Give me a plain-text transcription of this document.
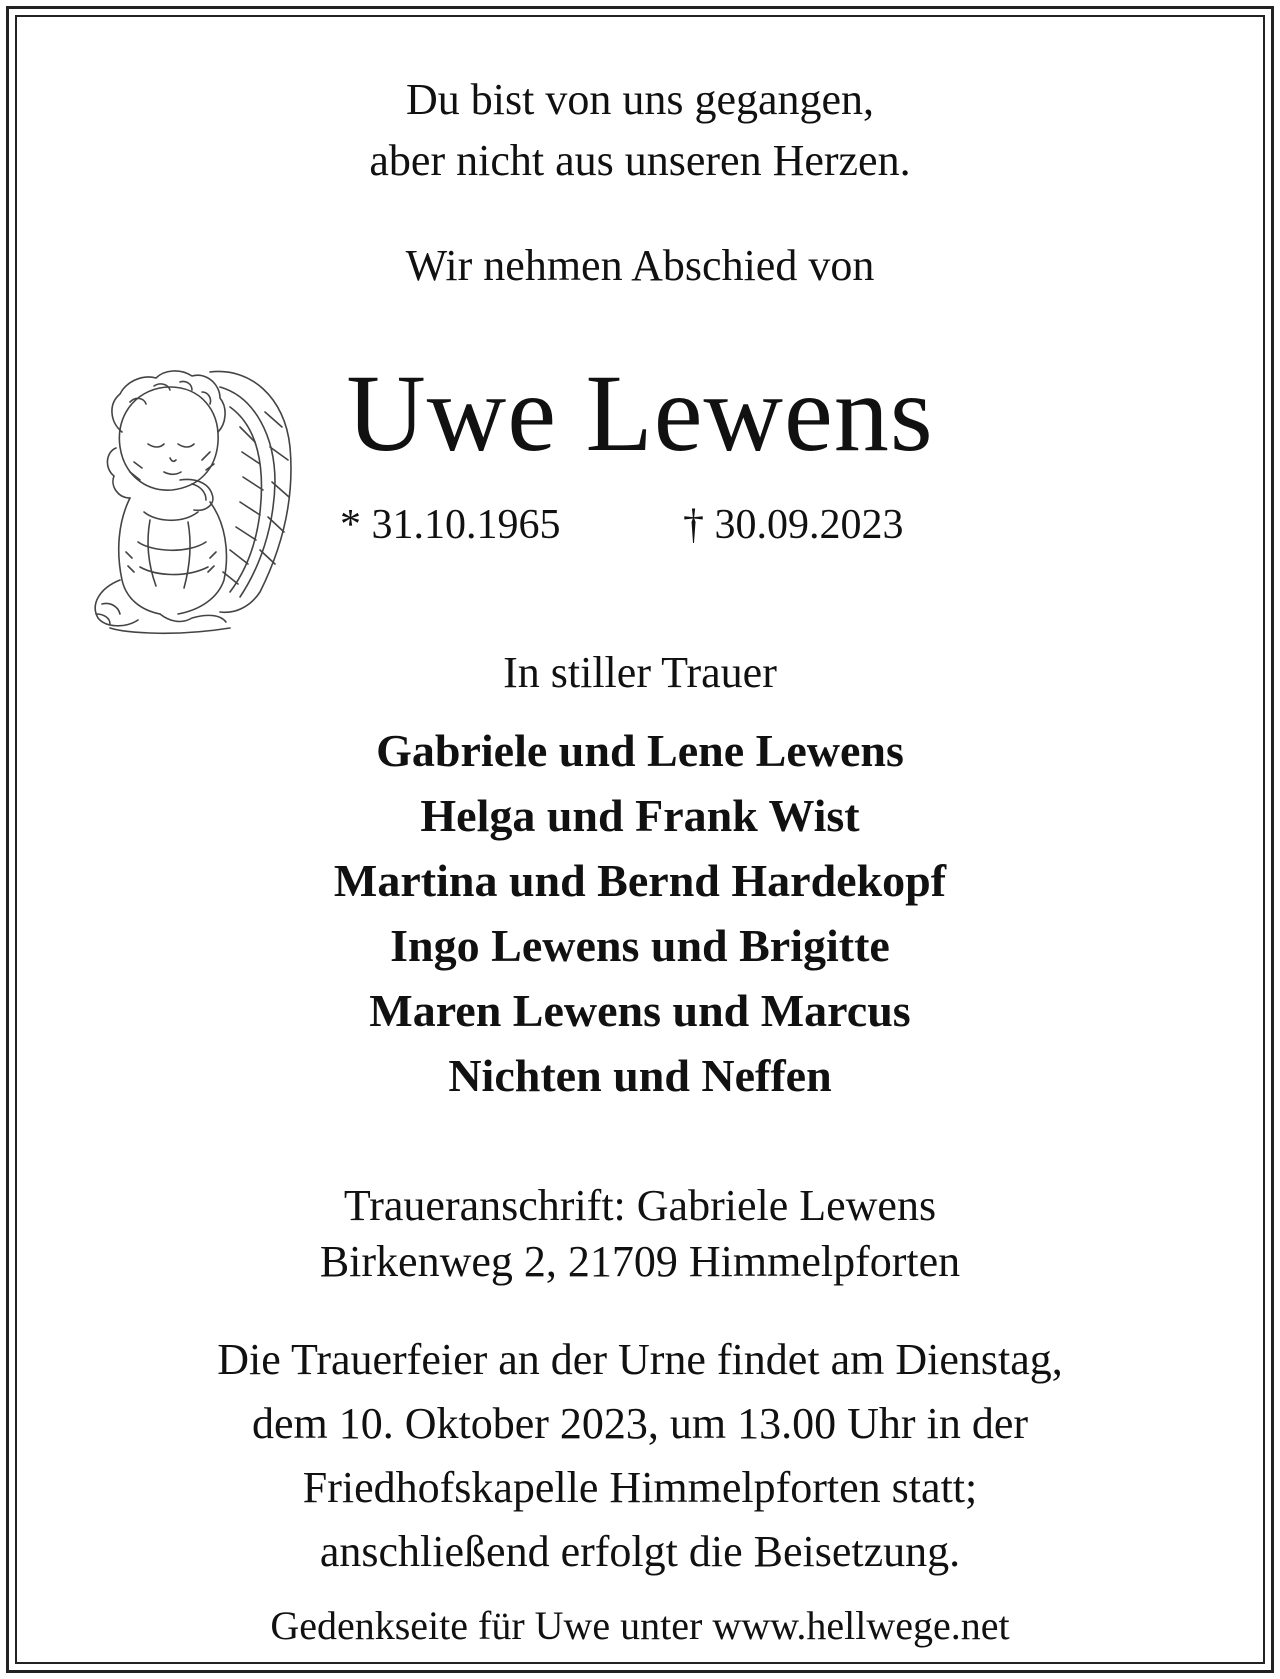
Du bist von uns gegangen,
aber nicht aus unseren Herzen.
Wir nehmen Abschied von
Uwe Lewens
* 31.10.1965	† 30.09.2023
In stiller Trauer
Gabriele und Lene Lewens
Helga und Frank Wist
Martina und Bernd Hardekopf
Ingo Lewens und Brigitte
Maren Lewens und Marcus
Nichten und Neffen
Traueranschrift: Gabriele Lewens
Birkenweg 2, 21709 Himmelpforten
Die Trauerfeier an der Urne findet am Dienstag,
dem 10. Oktober 2023, um 13.00 Uhr in der
Friedhofskapelle Himmelpforten statt;
anschließend erfolgt die Beisetzung.
Gedenkseite für Uwe unter www.hellwege.net
